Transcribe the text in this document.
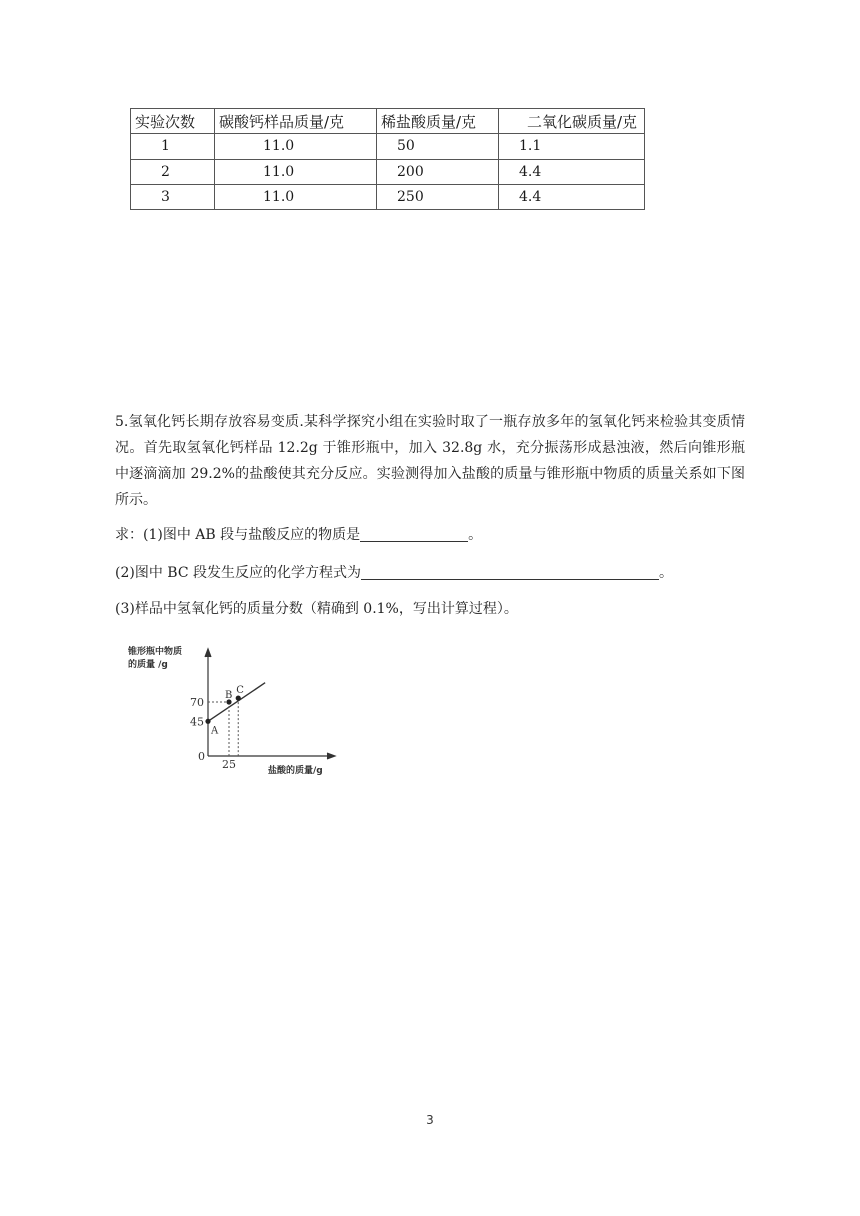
实验次数	碳酸钙样品质量/克	稀盐酸质量/克	二氧化碳质量/克
1	11.0	50	1.1
2	11.0	200	4.4
3	11.0	250	4.4
5.氢氧化钙长期存放容易变质.某科学探究小组在实验时取了一瓶存放多年的氢氧化钙来检验其变质情况。首先取氢氧化钙样品 12.2g 于锥形瓶中，加入 32.8g 水，充分振荡形成悬浊液，然后向锥形瓶中逐滴滴加 29.2%的盐酸使其充分反应。实验测得加入盐酸的质量与锥形瓶中物质的质量关系如下图所示。
求：(1)图中 AB 段与盐酸反应的物质是	。
(2)图中 BC 段发生反应的化学方程式为	。
(3)样品中氢氧化钙的质量分数（精确到 0.1%，写出计算过程）。
锥形瓶中物质
的质量 /g
盐酸的质量/g
0
25
70
45
A
B C
3
